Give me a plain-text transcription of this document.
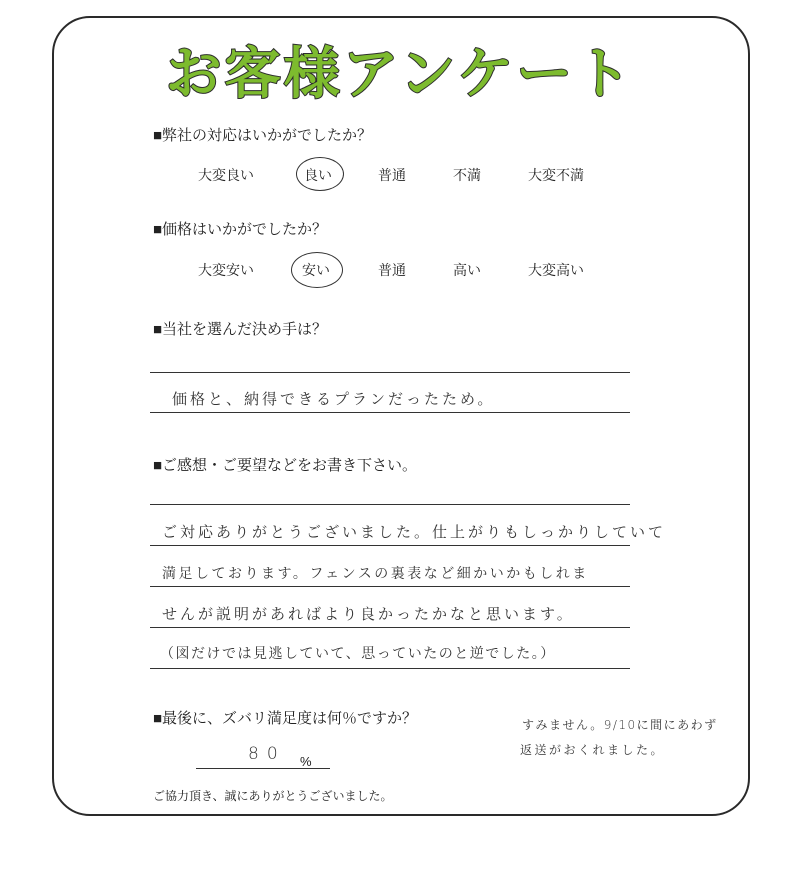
お客様アンケート
■弊社の対応はいかがでしたか？
大変良い	良い	普通	不満	大変不満
■価格はいかがでしたか？
大変安い	安い	普通	高い	大変高い
■当社を選んだ決め手は？
価格と、納得できるプランだったため。
■ご感想・ご要望などをお書き下さい。
ご対応ありがとうございました。仕上がりもしっかりしていて
満足しております。フェンスの裏表など細かいかもしれま
せんが説明があればより良かったかなと思います。
（図だけでは見逃していて、思っていたのと逆でした。）
■最後に、ズバリ満足度は何％ですか？
80 %
すみません。9/10に間にあわず
返送がおくれました。
ご協力頂き、誠にありがとうございました。
